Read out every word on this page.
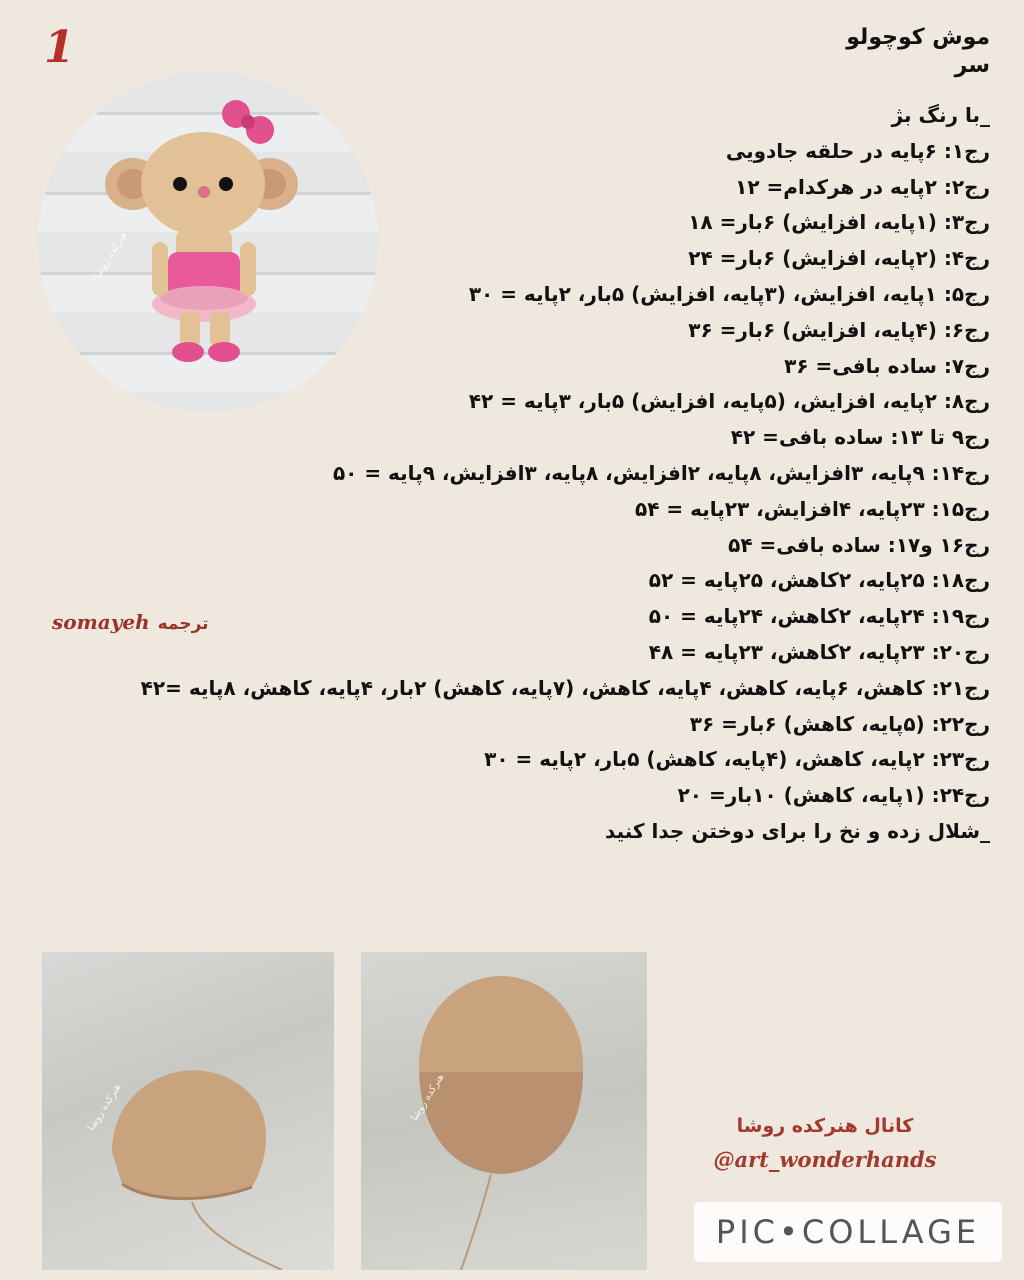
1
هنرکده روشا
موش کوچولو
سر
_با رنگ بژ
رج۱: ۶پایه در حلقه جادویی
رج۲: ۲پایه در هرکدام= ۱۲
رج۳: (۱پایه، افزایش) ۶بار= ۱۸
رج۴: (۲پایه، افزایش) ۶بار= ۲۴
رج۵: ۱پایه، افزایش، (۳پایه، افزایش) ۵بار، ۲پایه = ۳۰
رج۶: (۴پایه، افزایش) ۶بار= ۳۶
رج۷: ساده بافی= ۳۶
رج۸: ۲پایه، افزایش، (۵پایه، افزایش) ۵بار، ۳پایه = ۴۲
رج۹ تا ۱۳: ساده بافی= ۴۲
رج۱۴: ۹پایه، ۳افزایش، ۸پایه، ۲افزایش، ۸پایه، ۳افزایش، ۹پایه = ۵۰
رج۱۵: ۲۳پایه، ۴افزایش، ۲۳پایه = ۵۴
رج۱۶ و۱۷: ساده بافی= ۵۴
رج۱۸: ۲۵پایه، ۲کاهش، ۲۵پایه = ۵۲
رج۱۹: ۲۴پایه، ۲کاهش، ۲۴پایه = ۵۰
رج۲۰: ۲۳پایه، ۲کاهش، ۲۳پایه = ۴۸
رج۲۱: کاهش، ۶پایه، کاهش، ۴پایه، کاهش، (۷پایه، کاهش) ۲بار، ۴پایه، کاهش، ۸پایه =۴۲
رج۲۲: (۵پایه، کاهش) ۶بار= ۳۶
رج۲۳: ۲پایه، کاهش، (۴پایه، کاهش) ۵بار، ۲پایه = ۳۰
رج۲۴: (۱پایه، کاهش) ۱۰بار= ۲۰
_شلال زده و نخ را برای دوختن جدا کنید
ترجمه
somayeh
هنرکده روشا	هنرکده روشا
کانال هنرکده روشا
@art_wonderhands
PIC•COLLAGE
